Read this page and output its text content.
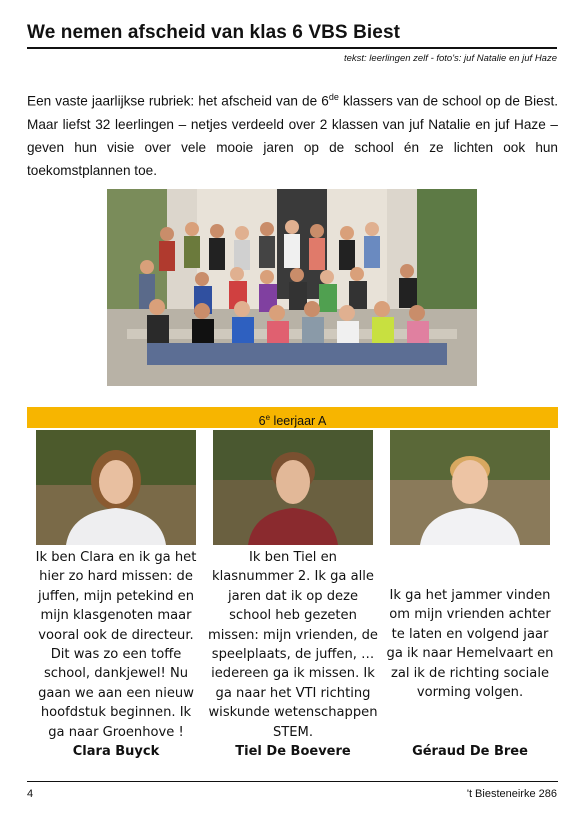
We nemen afscheid van klas 6 VBS Biest
tekst: leerlingen zelf - foto's: juf Natalie en juf Haze
Een vaste jaarlijkse rubriek: het afscheid van de 6de klassers van de school op de Biest. Maar liefst 32 leerlingen – netjes verdeeld over 2 klassen van juf Natalie en juf Haze – geven hun visie over vele mooie jaren op de school én ze lichten ook hun toekomstplannen toe.
6e leerjaar A
Ik ben Clara en ik ga het hier zo hard missen: de juffen, mijn petekind en mijn klasgenoten maar vooral ook de directeur. Dit was zo een toffe school, dankjewel! Nu gaan we aan een nieuw hoofdstuk beginnen. Ik ga naar Groenhove !
Ik ben Tiel en klasnummer 2. Ik ga alle jaren dat ik op deze school heb gezeten missen: mijn vrienden, de speelplaats, de juffen, … iedereen ga ik missen. Ik ga naar het VTI richting wiskunde wetenschappen STEM.
Ik ga het jammer vinden om mijn vrienden achter te laten en volgend jaar ga ik naar Hemelvaart en zal ik de richting sociale vorming volgen.
Clara Buyck	Tiel De Boevere	Géraud De Bree
4	't Biesteneirke 286
